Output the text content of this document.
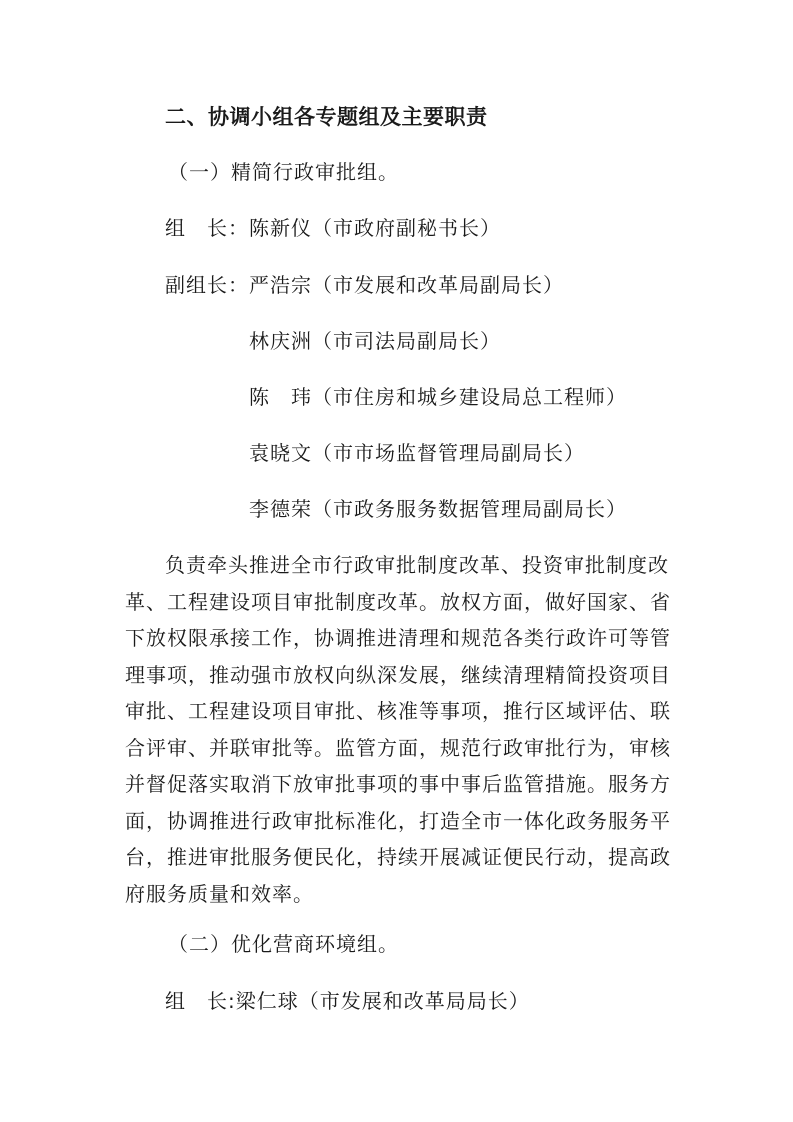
二、协调小组各专题组及主要职责
（一）精简行政审批组。
组　长：陈新仪（市政府副秘书长）
副组长：严浩宗（市发展和改革局副局长）
林庆洲（市司法局副局长）
陈　玮（市住房和城乡建设局总工程师）
袁晓文（市市场监督管理局副局长）
李德荣（市政务服务数据管理局副局长）
负责牵头推进全市行政审批制度改革、投资审批制度改
革、工程建设项目审批制度改革。放权方面，做好国家、省
下放权限承接工作，协调推进清理和规范各类行政许可等管
理事项，推动强市放权向纵深发展，继续清理精简投资项目
审批、工程建设项目审批、核准等事项，推行区域评估、联
合评审、并联审批等。监管方面，规范行政审批行为，审核
并督促落实取消下放审批事项的事中事后监管措施。服务方
面，协调推进行政审批标准化，打造全市一体化政务服务平
台，推进审批服务便民化，持续开展减证便民行动，提高政
府服务质量和效率。
（二）优化营商环境组。
组　长:梁仁球（市发展和改革局局长）
